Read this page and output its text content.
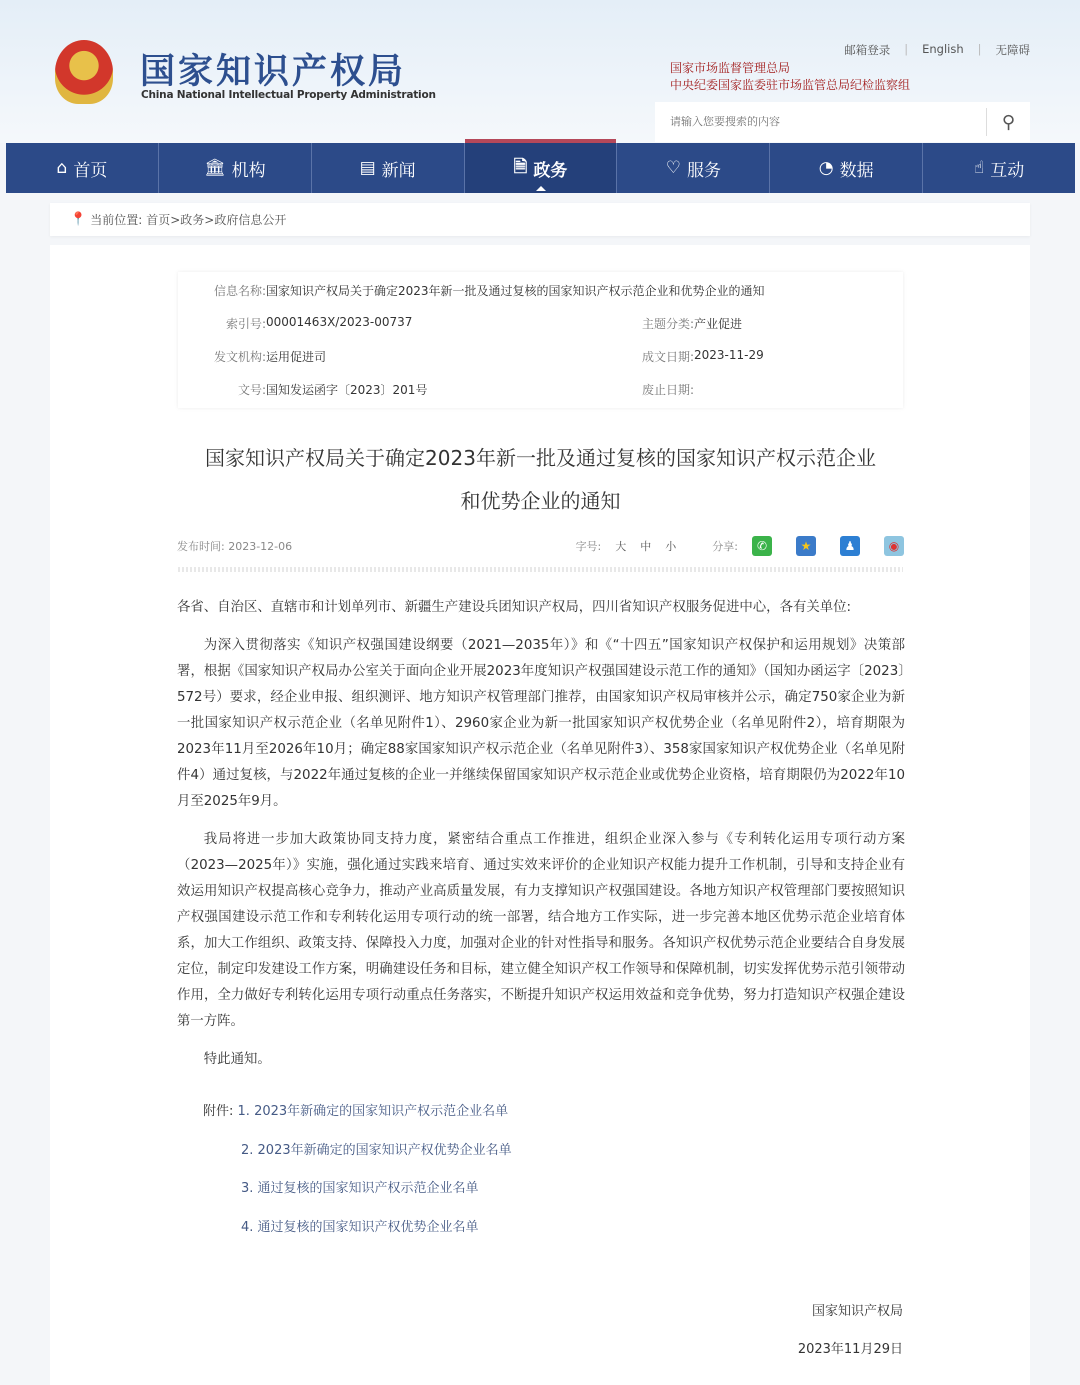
国家知识产权局
China National Intellectual Property Administration
邮箱登录 | English | 无障碍
国家市场监督管理总局
中央纪委国家监委驻市场监管总局纪检监察组
请输入您要搜索的内容
⚲
⌂ 首页	🏛 机构	▤ 新闻	🗎 政务	♡ 服务	◔ 数据	☝ 互动
📍 当前位置: 首页>政务>政府信息公开
信息名称: 国家知识产权局关于确定2023年新一批及通过复核的国家知识产权示范企业和优势企业的通知
索引号: 00001463X/2023-00737	主题分类: 产业促进
发文机构: 运用促进司	成文日期: 2023-11-29
文号: 国知发运函字〔2023〕201号	废止日期:
国家知识产权局关于确定2023年新一批及通过复核的国家知识产权示范企业
和优势企业的通知
发布时间: 2023-12-06	字号: 大 中 小	分享:	✆	★	♟	◉

各省、自治区、直辖市和计划单列市、新疆生产建设兵团知识产权局，四川省知识产权服务促进中心，各有关单位:

为深入贯彻落实《知识产权强国建设纲要（2021—2035年）》和《“十四五”国家知识产权保护和运用规划》决策部署，根据《国家知识产权局办公室关于面向企业开展2023年度知识产权强国建设示范工作的通知》（国知办函运字〔2023〕572号）要求，经企业申报、组织测评、地方知识产权管理部门推荐，由国家知识产权局审核并公示，确定750家企业为新一批国家知识产权示范企业（名单见附件1）、2960家企业为新一批国家知识产权优势企业（名单见附件2），培育期限为2023年11月至2026年10月；确定88家国家知识产权示范企业（名单见附件3）、358家国家知识产权优势企业（名单见附件4）通过复核，与2022年通过复核的企业一并继续保留国家知识产权示范企业或优势企业资格，培育期限仍为2022年10月至2025年9月。

我局将进一步加大政策协同支持力度，紧密结合重点工作推进，组织企业深入参与《专利转化运用专项行动方案（2023—2025年）》实施，强化通过实践来培育、通过实效来评价的企业知识产权能力提升工作机制，引导和支持企业有效运用知识产权提高核心竞争力，推动产业高质量发展，有力支撑知识产权强国建设。各地方知识产权管理部门要按照知识产权强国建设示范工作和专利转化运用专项行动的统一部署，结合地方工作实际，进一步完善本地区优势示范企业培育体系，加大工作组织、政策支持、保障投入力度，加强对企业的针对性指导和服务。各知识产权优势示范企业要结合自身发展定位，制定印发建设工作方案，明确建设任务和目标，建立健全知识产权工作领导和保障机制，切实发挥优势示范引领带动作用，全力做好专利转化运用专项行动重点任务落实，不断提升知识产权运用效益和竞争优势，努力打造知识产权强企建设第一方阵。

特此通知。

附件: 1. 2023年新确定的国家知识产权示范企业名单
2. 2023年新确定的国家知识产权优势企业名单
3. 通过复核的国家知识产权示范企业名单
4. 通过复核的国家知识产权优势企业名单
国家知识产权局
2023年11月29日
